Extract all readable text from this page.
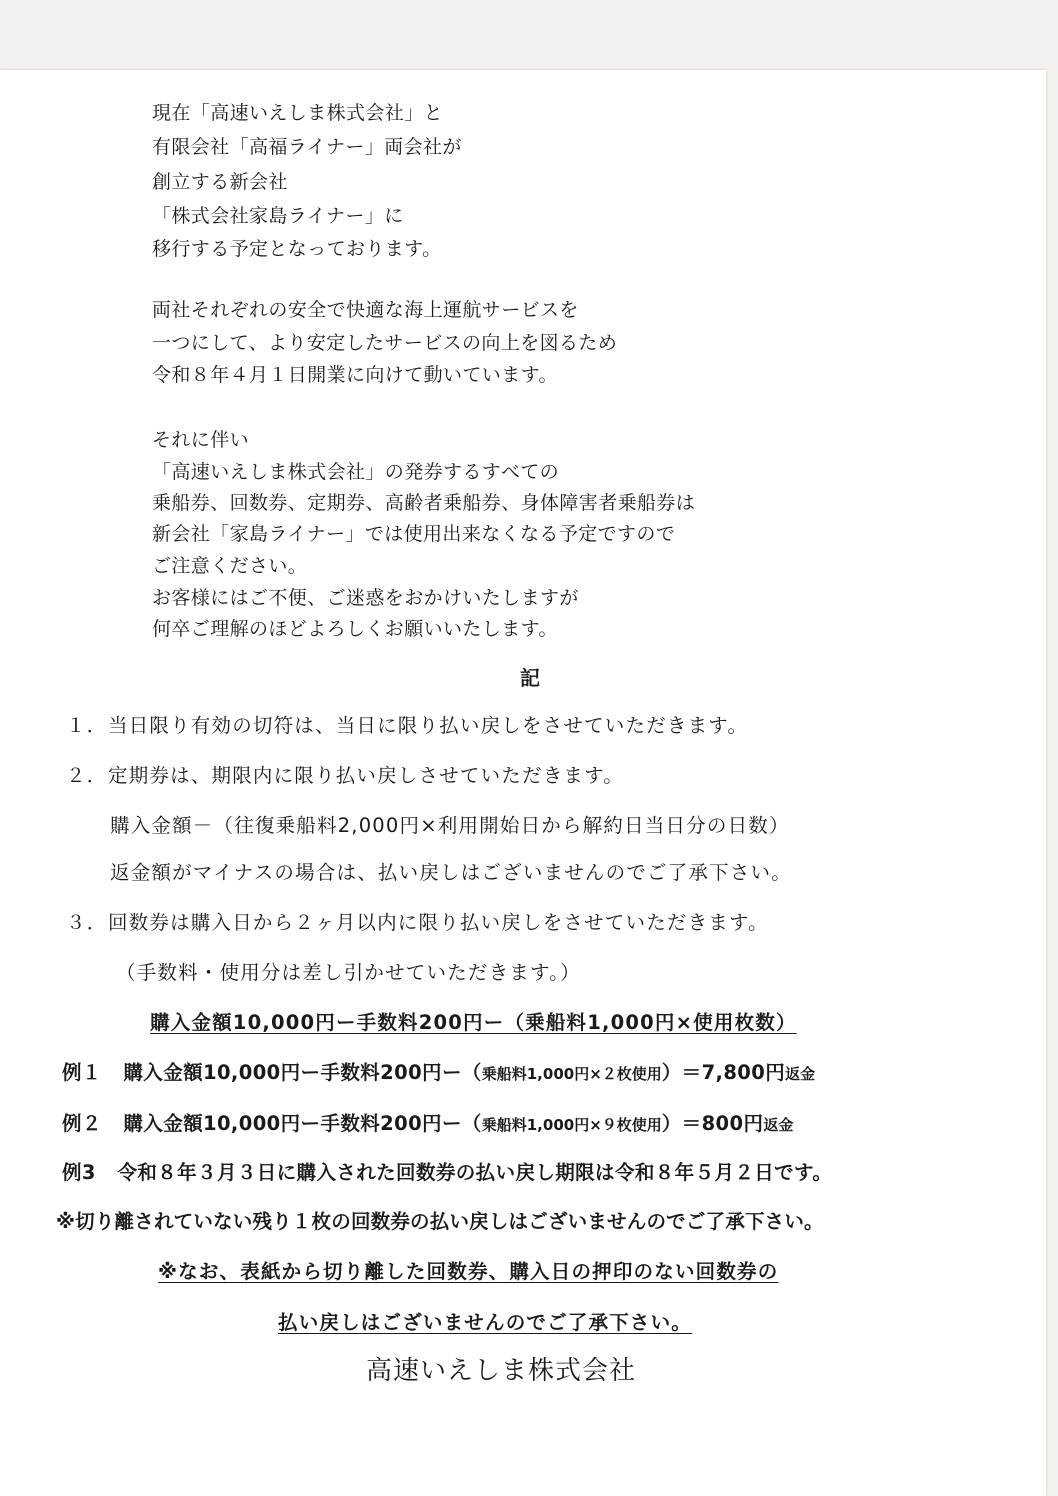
現在「高速いえしま株式会社」と
有限会社「高福ライナー」両会社が
創立する新会社
「株式会社家島ライナー」に
移行する予定となっております。
両社それぞれの安全で快適な海上運航サービスを
一つにして、より安定したサービスの向上を図るため
令和８年４月１日開業に向けて動いています。
それに伴い
「高速いえしま株式会社」の発券するすべての
乗船券、回数券、定期券、高齢者乗船券、身体障害者乗船券は
新会社「家島ライナー」では使用出来なくなる予定ですので
ご注意ください。
お客様にはご不便、ご迷惑をおかけいたしますが
何卒ご理解のほどよろしくお願いいたします。
記
１． 当日限り有効の切符は、当日に限り払い戻しをさせていただきます。
２． 定期券は、期限内に限り払い戻しさせていただきます。
購入金額－（往復乗船料2,000円×利用開始日から解約日当日分の日数）
返金額がマイナスの場合は、払い戻しはございませんのでご了承下さい。
３． 回数券は購入日から２ヶ月以内に限り払い戻しをさせていただきます。
（手数料・使用分は差し引かせていただきます。）
購入金額10,000円ー手数料200円ー（乗船料1,000円×使用枚数）
例１ 購入金額10,000円ー手数料200円ー（乗船料1,000円×２枚使用）＝7,800円返金
例２ 購入金額10,000円ー手数料200円ー（乗船料1,000円×９枚使用）＝800円返金
例3 令和８年３月３日に購入された回数券の払い戻し期限は令和８年５月２日です。
※切り離されていない残り１枚の回数券の払い戻しはございませんのでご了承下さい。
※なお、表紙から切り離した回数券、購入日の押印のない回数券の
払い戻しはございませんのでご了承下さい。
高速いえしま株式会社
